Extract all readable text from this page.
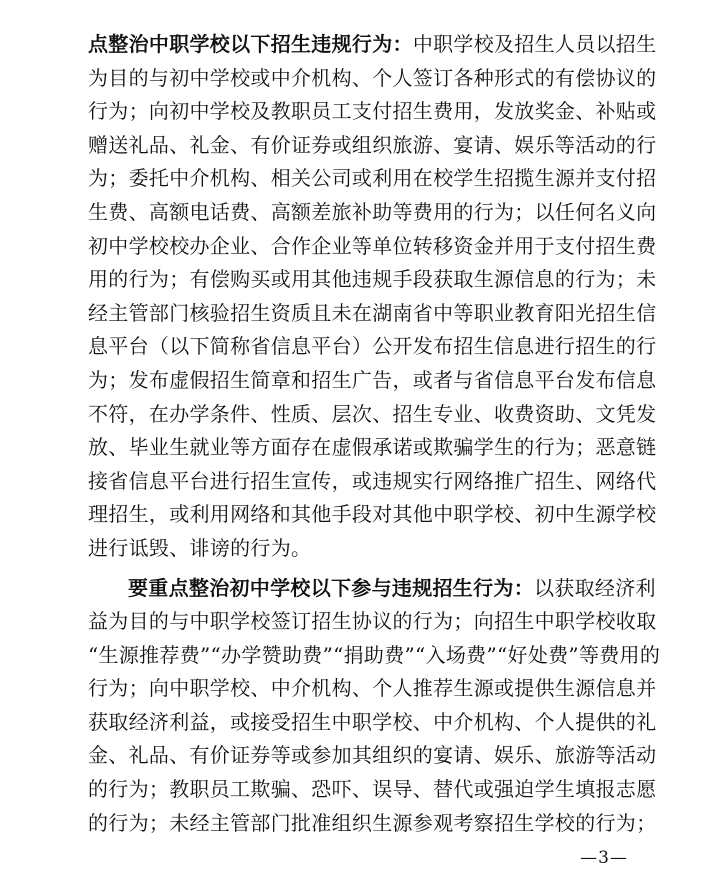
点整治中职学校以下招生违规行为：中职学校及招生人员以招生
为目的与初中学校或中介机构、个人签订各种形式的有偿协议的
行为；向初中学校及教职员工支付招生费用，发放奖金、补贴或
赠送礼品、礼金、有价证券或组织旅游、宴请、娱乐等活动的行
为；委托中介机构、相关公司或利用在校学生招揽生源并支付招
生费、高额电话费、高额差旅补助等费用的行为；以任何名义向
初中学校校办企业、合作企业等单位转移资金并用于支付招生费
用的行为；有偿购买或用其他违规手段获取生源信息的行为；未
经主管部门核验招生资质且未在湖南省中等职业教育阳光招生信
息平台（以下简称省信息平台）公开发布招生信息进行招生的行
为；发布虚假招生简章和招生广告，或者与省信息平台发布信息
不符，在办学条件、性质、层次、招生专业、收费资助、文凭发
放、毕业生就业等方面存在虚假承诺或欺骗学生的行为；恶意链
接省信息平台进行招生宣传，或违规实行网络推广招生、网络代
理招生，或利用网络和其他手段对其他中职学校、初中生源学校
进行诋毁、诽谤的行为。
要重点整治初中学校以下参与违规招生行为：以获取经济利
益为目的与中职学校签订招生协议的行为；向招生中职学校收取
“生源推荐费”“办学赞助费”“捐助费”“入场费”“好处费”等费用的
行为；向中职学校、中介机构、个人推荐生源或提供生源信息并
获取经济利益，或接受招生中职学校、中介机构、个人提供的礼
金、礼品、有价证券等或参加其组织的宴请、娱乐、旅游等活动
的行为；教职员工欺骗、恐吓、误导、替代或强迫学生填报志愿
的行为；未经主管部门批准组织生源参观考察招生学校的行为；
—3—
